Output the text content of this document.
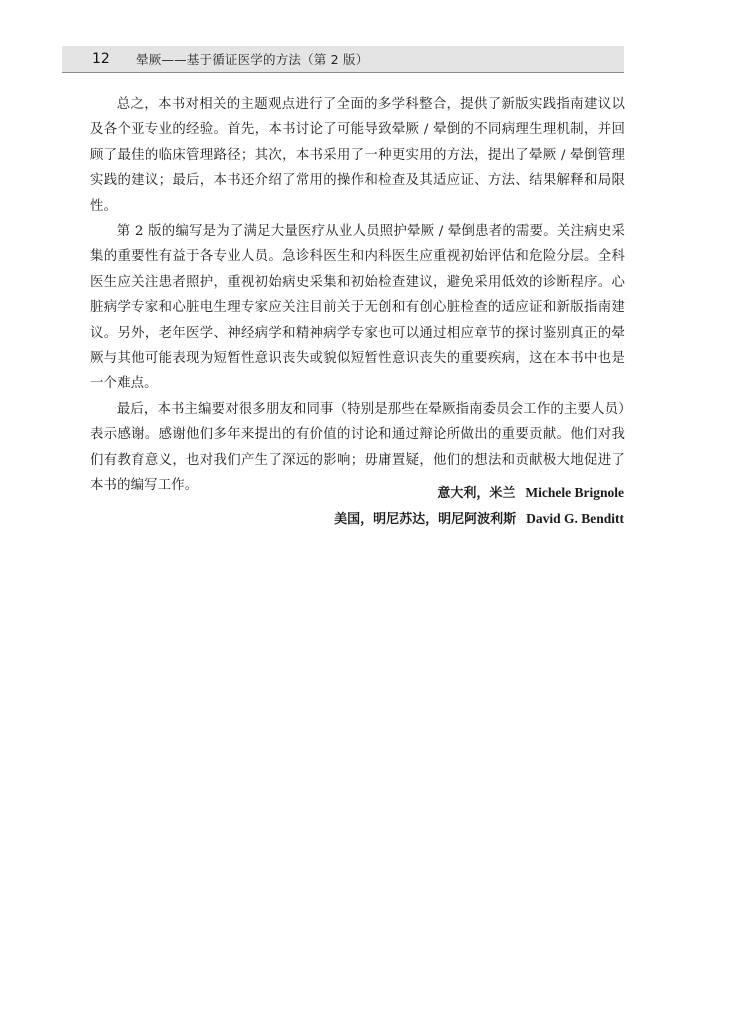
12	晕厥——基于循证医学的方法（第 2 版）

总之，本书对相关的主题观点进行了全面的多学科整合，提供了新版实践指南建议以及各个亚专业的经验。首先，本书讨论了可能导致晕厥 / 晕倒的不同病理生理机制，并回顾了最佳的临床管理路径；其次，本书采用了一种更实用的方法，提出了晕厥 / 晕倒管理实践的建议；最后，本书还介绍了常用的操作和检查及其适应证、方法、结果解释和局限性。

第 2 版的编写是为了满足大量医疗从业人员照护晕厥 / 晕倒患者的需要。关注病史采集的重要性有益于各专业人员。急诊科医生和内科医生应重视初始评估和危险分层。全科医生应关注患者照护，重视初始病史采集和初始检查建议，避免采用低效的诊断程序。心脏病学专家和心脏电生理专家应关注目前关于无创和有创心脏检查的适应证和新版指南建议。另外，老年医学、神经病学和精神病学专家也可以通过相应章节的探讨鉴别真正的晕厥与其他可能表现为短暂性意识丧失或貌似短暂性意识丧失的重要疾病，这在本书中也是一个难点。

最后，本书主编要对很多朋友和同事（特别是那些在晕厥指南委员会工作的主要人员）表示感谢。感谢他们多年来提出的有价值的讨论和通过辩论所做出的重要贡献。他们对我们有教育意义，也对我们产生了深远的影响；毋庸置疑，他们的想法和贡献极大地促进了本书的编写工作。

意大利，米兰 Michele Brignole
美国，明尼苏达，明尼阿波利斯 David G. Benditt
